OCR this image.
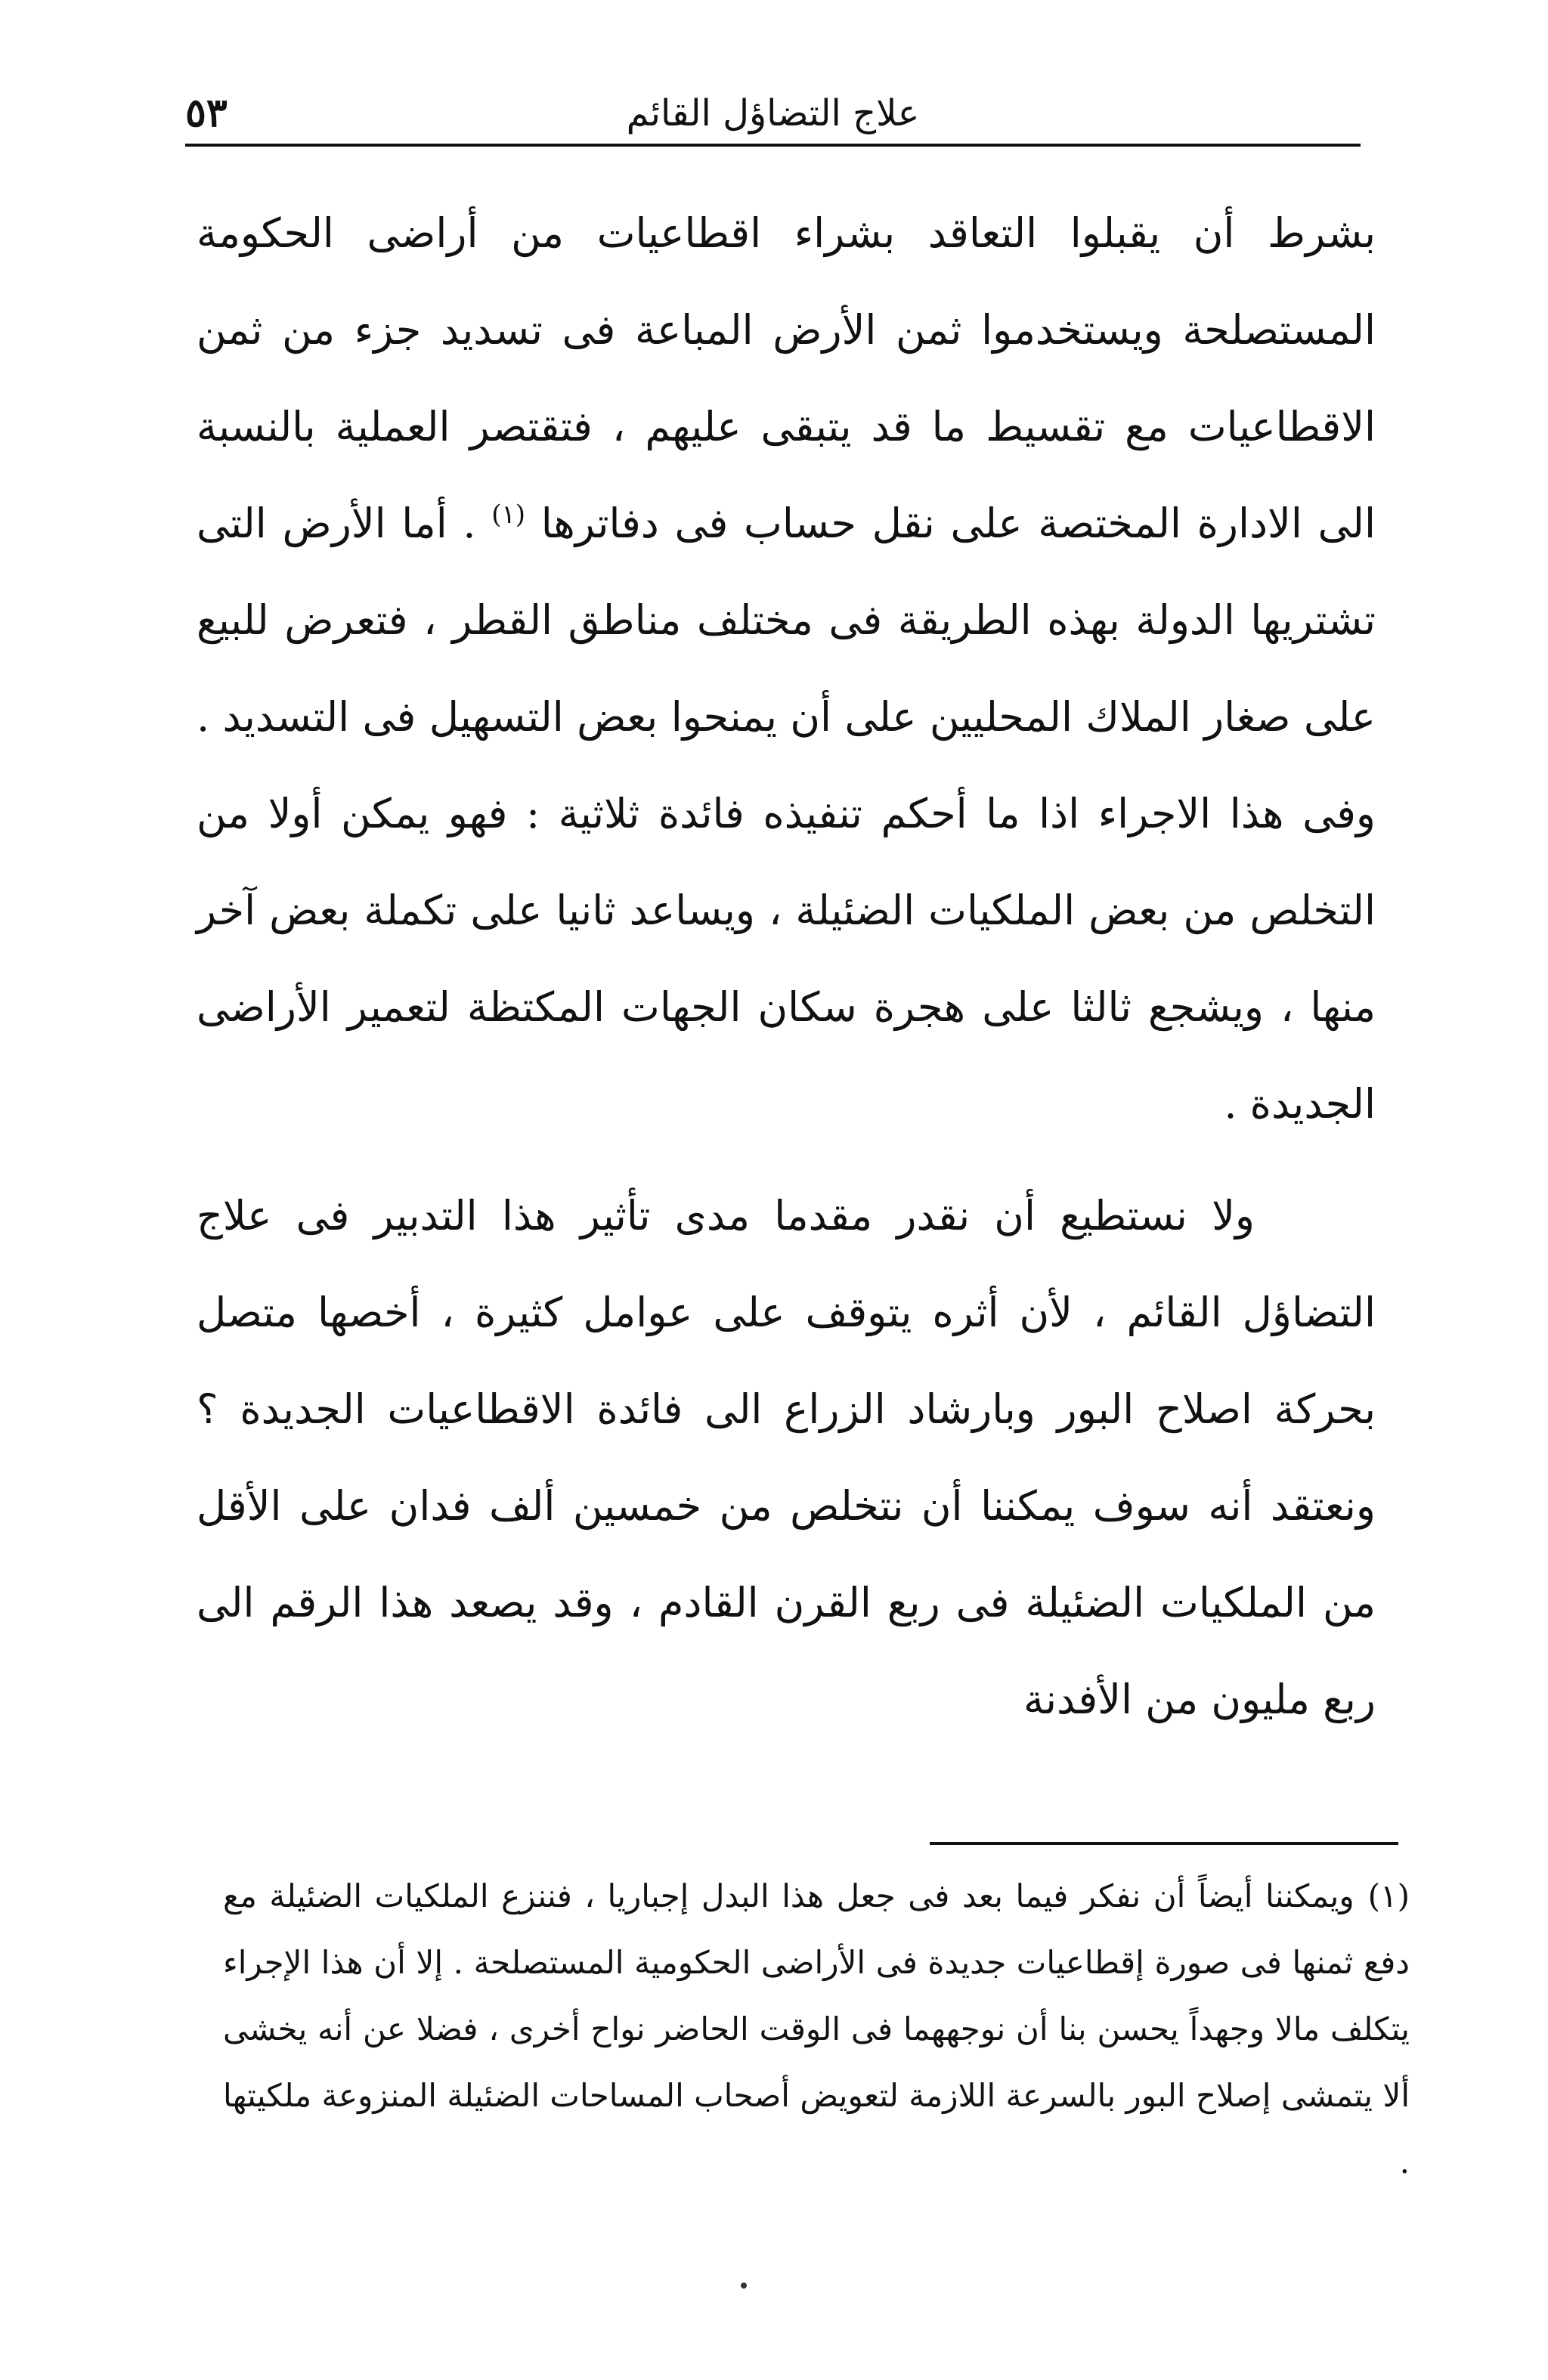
علاج التضاؤل القائم
٥٣

بشرط أن يقبلوا التعاقد بشراء اقطاعيات من أراضى الحكومة المستصلحة ويستخدموا ثمن الأرض المباعة فى تسديد جزء من ثمن الاقطاعيات مع تقسيط ما قد يتبقى عليهم ، فتقتصر العملية بالنسبة الى الادارة المختصة على نقل حساب فى دفاترها $^{(١)}$ . أما الأرض التى تشتريها الدولة بهذه الطريقة فى مختلف مناطق القطر ، فتعرض للبيع على صغار الملاك المحليين على أن يمنحوا بعض التسهيل فى التسديد . وفى هذا الاجراء اذا ما أحكم تنفيذه فائدة ثلاثية : فهو يمكن أولا من التخلص من بعض الملكيات الضئيلة ، ويساعد ثانيا على تكملة بعض آخر منها ، ويشجع ثالثا على هجرة سكان الجهات المكتظة لتعمير الأراضى الجديدة .

ولا نستطيع أن نقدر مقدما مدى تأثير هذا التدبير فى علاج التضاؤل القائم ، لأن أثره يتوقف على عوامل كثيرة ، أخصها متصل بحركة اصلاح البور وبارشاد الزراع الى فائدة الاقطاعيات الجديدة ؟ ونعتقد أنه سوف يمكننا أن نتخلص من خمسين ألف فدان على الأقل من الملكيات الضئيلة فى ربع القرن القادم ، وقد يصعد هذا الرقم الى ربع مليون من الأفدنة

(١)ويمكننا أيضاً أن نفكر فيما بعد فى جعل هذا البدل إجباريا ، فننزع الملكيات الضئيلة مع دفع ثمنها فى صورة إقطاعيات جديدة فى الأراضى الحكومية المستصلحة . إلا أن هذا الإجراء يتكلف مالا وجهداً يحسن بنا أن نوجههما فى الوقت الحاضر نواح أخرى ، فضلا عن أنه يخشى ألا يتمشى إصلاح البور بالسرعة اللازمة لتعويض أصحاب المساحات الضئيلة المنزوعة ملكيتها .
